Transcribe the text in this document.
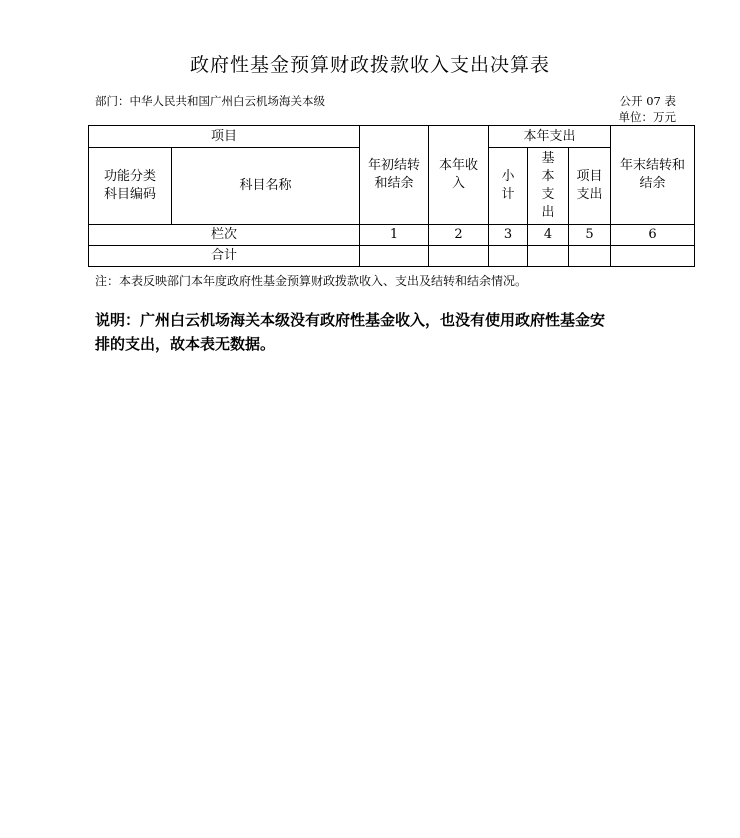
政府性基金预算财政拨款收入支出决算表
部门：中华人民共和国广州白云机场海关本级	公开 07 表
单位：万元
项目		年初结转和结余	本年收入	本年支出			年末结转和结余
功能分类科目编码	科目名称			小计	基本支出	项目支出	
栏次		1	2	3	4	5	6
合计							
注：本表反映部门本年度政府性基金预算财政拨款收入、支出及结转和结余情况。
说明：广州白云机场海关本级没有政府性基金收入，也没有使用政府性基金安排的支出，故本表无数据。
